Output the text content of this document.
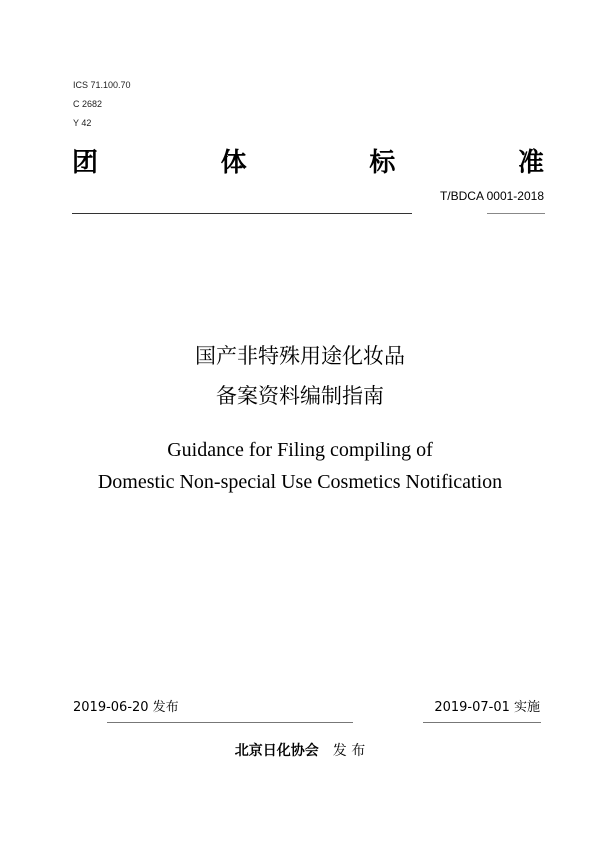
ICS 71.100.70
C 2682
Y 42
团	体	标	准
T/BDCA 0001-2018
国产非特殊用途化妆品
备案资料编制指南
Guidance for Filing compiling of
Domestic Non-special Use Cosmetics Notification
2019-06-20 发布	2019-07-01 实施
北京日化协会 发 布
